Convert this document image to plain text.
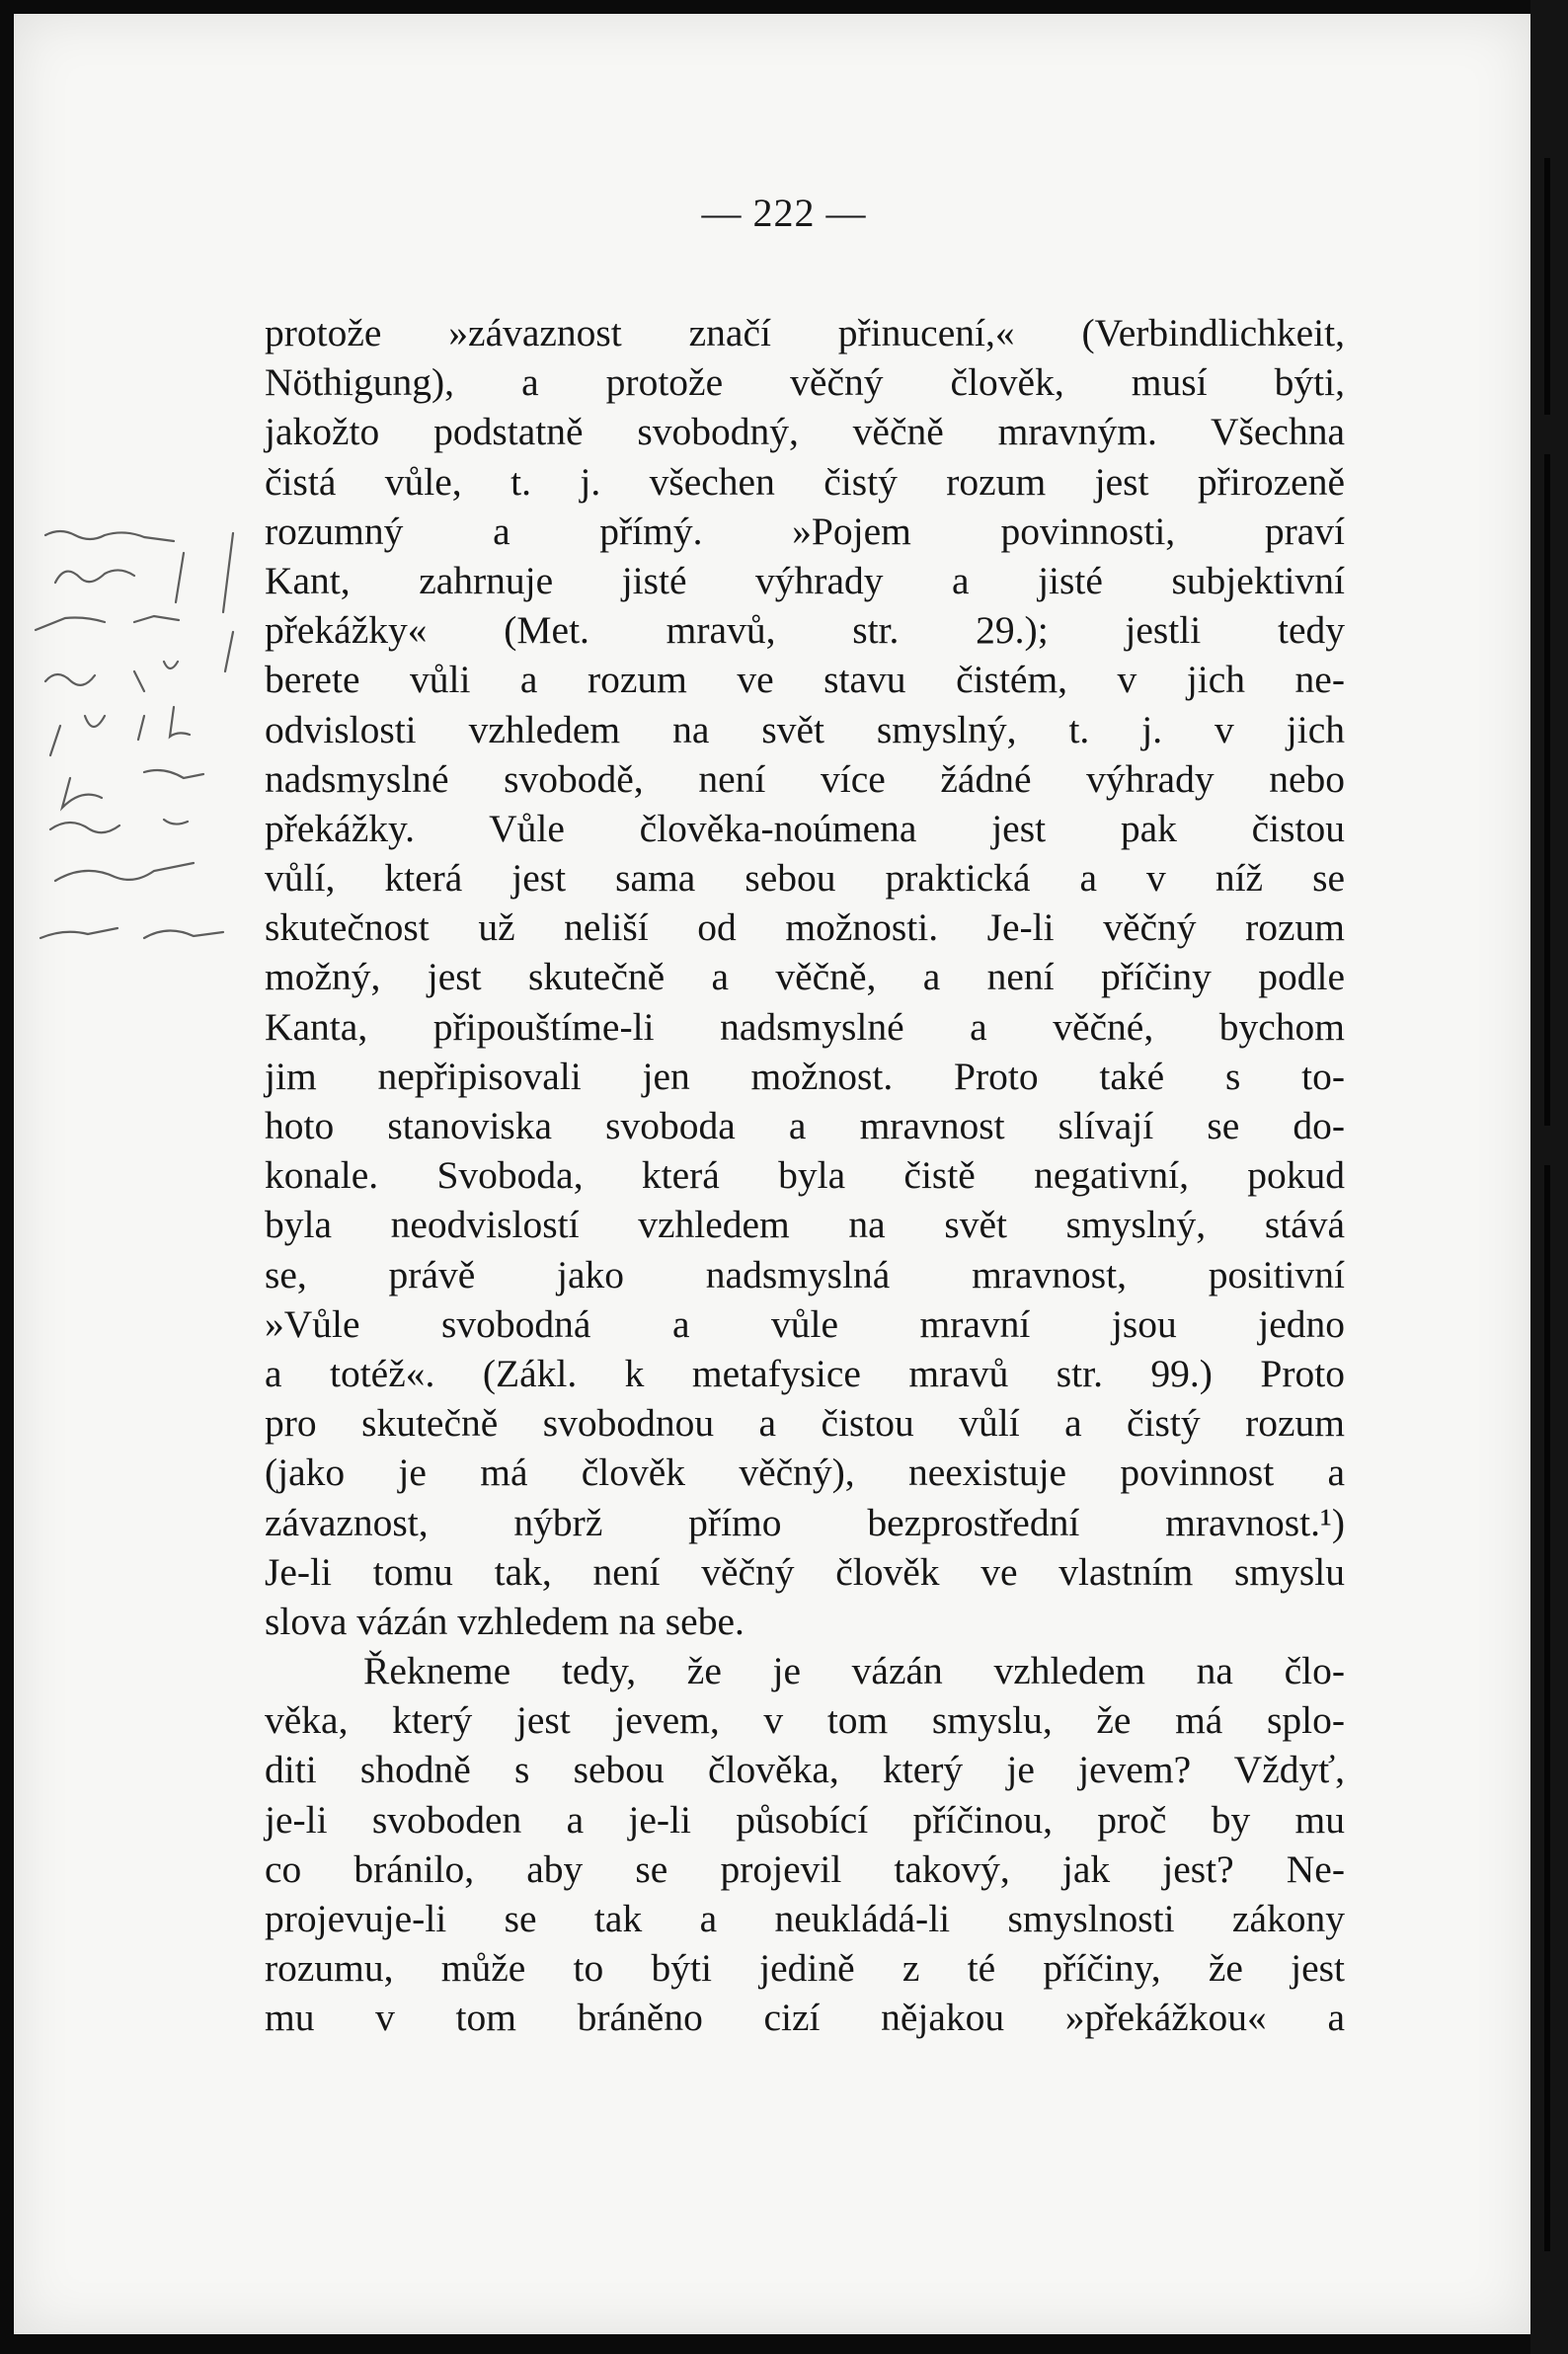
— 222 —
protože »závaznost značí přinucení,« (Verbindlichkeit,
Nöthigung), a protože věčný člověk, musí býti,
jakožto podstatně svobodný, věčně mravným. Všechna
čistá vůle, t. j. všechen čistý rozum jest přirozeně
rozumný a přímý. »Pojem povinnosti, praví
Kant, zahrnuje jisté výhrady a jisté subjektivní
překážky« (Met. mravů, str. 29.); jestli tedy
berete vůli a rozum ve stavu čistém, v jich ne-
odvislosti vzhledem na svět smyslný, t. j. v jich
nadsmyslné svobodě, není více žádné výhrady nebo
překážky. Vůle člověka-noúmena jest pak čistou
vůlí, která jest sama sebou praktická a v níž se
skutečnost už neliší od možnosti. Je-li věčný rozum
možný, jest skutečně a věčně, a není příčiny podle
Kanta, připouštíme-li nadsmyslné a věčné, bychom
jim nepřipisovali jen možnost. Proto také s to-
hoto stanoviska svoboda a mravnost slívají se do-
konale. Svoboda, která byla čistě negativní, pokud
byla neodvislostí vzhledem na svět smyslný, stává
se, právě jako nadsmyslná mravnost, positivní
»Vůle svobodná a vůle mravní jsou jedno
a totéž«. (Zákl. k metafysice mravů str. 99.) Proto
pro skutečně svobodnou a čistou vůlí a čistý rozum
(jako je má člověk věčný), neexistuje povinnost a
závaznost, nýbrž přímo bezprostřední mravnost.¹)
Je-li tomu tak, není věčný člověk ve vlastním smyslu
slova vázán vzhledem na sebe.
Řekneme tedy, že je vázán vzhledem na člo-
věka, který jest jevem, v tom smyslu, že má splo-
diti shodně s sebou člověka, který je jevem? Vždyť,
je-li svoboden a je-li působící příčinou, proč by mu
co bránilo, aby se projevil takový, jak jest? Ne-
projevuje-li se tak a neukládá-li smyslnosti zákony
rozumu, může to býti jedině z té příčiny, že jest
mu v tom bráněno cizí nějakou »překážkou« a
